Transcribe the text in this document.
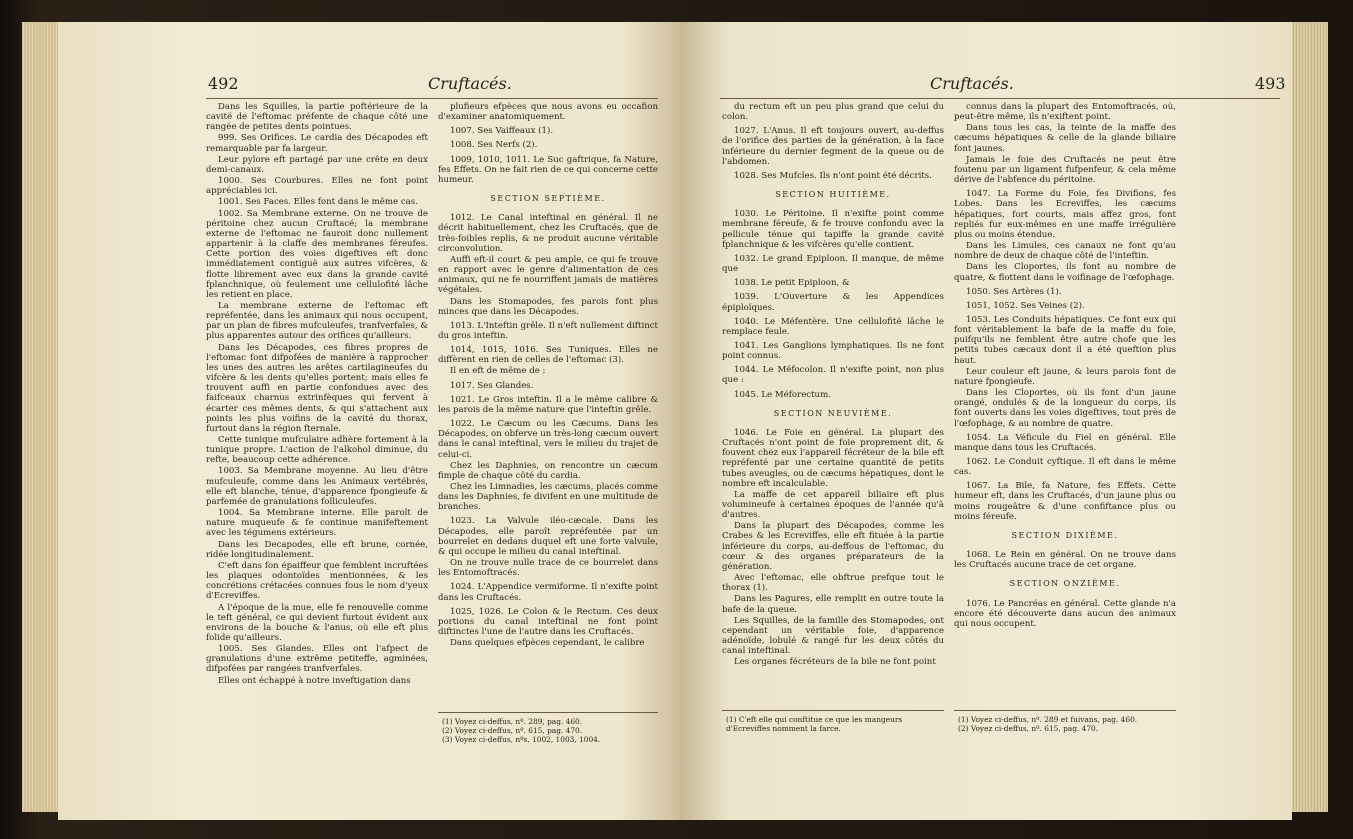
492	Cruftacés.

Dans les Squilles, la partie poftérieure de la cavité de l'eftomac préfente de chaque côté une rangée de petites dents pointues.

999. Ses Orifices. Le cardia des Décapodes eft remarquable par fa largeur.

Leur pylore eft partagé par une crête en deux demi-canaux.

1000. Ses Courbures. Elles ne font point appréciables ici.

1001. Ses Faces. Elles font dans le même cas.

1002. Sa Membrane externe. On ne trouve de péritoine chez aucun Cruftacé; la membrane externe de l'eftomac ne fauroit donc nullement appartenir à la claffe des membranes féreufes. Cette portion des voies digeftives eft donc immédiatement contiguë aux autres vifcères, & flotte librement avec eux dans la grande cavité fplanchnique, où feulement une cellulofité lâche les retient en place.

La membrane externe de l'eftomac eft repréfentée, dans les animaux qui nous occupent, par un plan de fibres mufculeufes, tranfverfales, & plus apparentes autour des orifices qu'ailleurs.

Dans les Décapodes, ces fibres propres de l'eftomac font difpofées de manière à rapprocher les unes des autres les arêtes cartilagineufes du vifcère & les dents qu'elles portent; mais elles fe trouvent auffi en partie confondues avec des faifceaux charnus extrinfèques qui fervent à écarter ces mêmes dents, & qui s'attachent aux points les plus voifins de la cavité du thorax, furtout dans la région fternale.

Cette tunique mufculaire adhère fortement à la tunique propre. L'action de l'alkohol diminue, du refte, beaucoup cette adhérence.

1003. Sa Membrane moyenne. Au lieu d'être mufculeufe, comme dans les Animaux vertébrés, elle eft blanche, ténue, d'apparence fpongieufe & parfemée de granulations folliculeufes.

1004. Sa Membrane interne. Elle paroît de nature muqueufe & fe continue manifeftement avec les tégumens extérieurs.

Dans les Decapodes, elle eft brune, cornée, ridée longitudinalement.

C'eft dans fon épaiffeur que femblent incruftées les plaques odontoïdes mentionnées, & les concrétions crétacées connues fous le nom d'yeux d'Ecreviffes.

A l'époque de la mue, elle fe renouvelle comme le teft général, ce qui devient furtout évident aux environs de la bouche & l'anus, où elle eft plus folide qu'ailleurs.

1005. Ses Glandes. Elles ont l'afpect de granulations d'une extrême petiteffe, agminées, difpofées par rangées tranfverfales.

Elles ont échappé à notre inveftigation dans

plufieurs efpèces que nous avons eu occafion d'examiner anatomiquement.

1007. Ses Vaiffeaux (1).

1008. Ses Nerfs (2).

1009, 1010, 1011. Le Suc gaftrique, fa Nature, fes Effets. On ne fait rien de ce qui concerne cette humeur.

SECTION SEPTIÈME.

1012. Le Canal inteftinal en général. Il ne décrit habituellement, chez les Cruftacés, que de très-foibles replis, & ne produit aucune véritable circonvolution.

Auffi eft-il court & peu ample, ce qui fe trouve en rapport avec le genre d'alimentation de ces animaux, qui ne fe nourriffent jamais de matières végétales.

Dans les Stomapodes, fes parois font plus minces que dans les Décapodes.

1013. L'Inteftin grêle. Il n'eft nullement diftinct du gros inteftin.

1014, 1015, 1016. Ses Tuniques. Elles ne diffèrent en rien de celles de l'eftomac (3).

Il en eft de même de :

1017. Ses Glandes.

1021. Le Gros inteftin. Il a le même calibre & les parois de la même nature que l'inteftin grêle.

1022. Le Cæcum ou les Cæcums. Dans les Décapodes, on obferve un très-long cæcum ouvert dans le canal inteftinal, vers le milieu du trajet de celui-ci.

Chez les Daphnies, on rencontre un cæcum fimple de chaque côté du cardia.

Chez les Limnadies, les cæcums, placés comme dans les Daphnies, fe divifent en une multitude de branches.

1023. La Valvule iléo-cæcale. Dans les Décapodes, elle paroît repréfentée par un bourrelet en dedans duquel eft une forte valvule, & qui occupe le milieu du canal inteftinal.

On ne trouve nulle trace de ce bourrelet dans les Entomoftracés.

1024. L'Appendice vermiforme. Il n'exifte point dans les Cruftacés.

1025, 1026. Le Colon & le Rectum. Ces deux portions du canal inteftinal ne font point diftinctes l'une de l'autre dans les Cruftacés.

Dans quelques efpèces cependant, le calibre

(1) Voyez ci-deffus, nº. 289, pag. 460.

(2) Voyez ci-deffus, nº. 615, pag. 470.

(3) Voyez ci-deffus, nºs. 1002, 1003, 1004.

Cruftacés.	493

du rectum eft un peu plus grand que celui du colon.

1027. L'Anus. Il eft toujours ouvert, au-deffus de l'orifice des parties de la génération, à la face inférieure du dernier fegment de la queue ou de l'abdomen.

1028. Ses Mufcles. Ils n'ont point été décrits.

SECTION HUITIÈME.

1030. Le Péritoine. Il n'exifte point comme membrane féreufe, & fe trouve confondu avec la pellicule ténue qui tapiffe la grande cavité fplanchnique & les vifcères qu'elle contient.

1032. Le grand Epiploon. Il manque, de même que

1038. Le petit Epiploon, &

1039. L'Ouverture & les Appendices épiploïques.

1040. Le Méfentère. Une cellulofité lâche le remplace feule.

1041. Les Ganglions lymphatiques. Ils ne font point connus.

1044. Le Méfocolon. Il n'exifte point, non plus que :

1045. Le Méforectum.

SECTION NEUVIÈME.

1046. Le Foie en général. La plupart des Cruftacés n'ont point de foie proprement dit, & fouvent chez eux l'appareil fécréteur de la bile eft repréfenté par une certaine quantité de petits tubes aveugles, ou de cæcums hépatiques, dont le nombre eft incalculable.

La maffe de cet appareil biliaire eft plus volumineufe à certaines époques de l'année qu'à d'autres.

Dans la plupart des Décapodes, comme les Crabes & les Ecreviffes, elle eft fituée à la partie inférieure du corps, au-deffous de l'eftomac, du cœur & des organes préparateurs de la génération.

Avec l'eftomac, elle obftrue prefque tout le thorax (1).

Dans les Pagures, elle remplit en outre toute la bafe de la queue.

Les Squilles, de la famille des Stomapodes, ont cependant un véritable foie, d'apparence adénoïde, lobulé & rangé fur les deux côtés du canal inteftinal.

Les organes fécréteurs de la bile ne font point

connus dans la plupart des Entomoftracés, où, peut-être même, ils n'exiftent point.

Dans tous les cas, la teinte de la maffe des cæcums hépatiques & celle de la glande biliaire font jaunes.

Jamais le foie des Cruftacés ne peut être foutenu par un ligament fufpenfeur, & cela même dérive de l'abfence du péritoine.

1047. La Forme du Foie, fes Divifions, fes Lobes. Dans les Ecreviffes, les cæcums hépatiques, fort courts, mais affez gros, font repliés fur eux-mêmes en une maffe irrégulière plus ou moins étendue.

Dans les Limules, ces canaux ne font qu'au nombre de deux de chaque côté de l'inteftin.

Dans les Cloportes, ils font au nombre de quatre, & flottent dans le voifinage de l'œfophage.

1050. Ses Artères (1).

1051, 1052. Ses Veines (2).

1053. Les Conduits hépatiques. Ce font eux qui font véritablement la bafe de la maffe du foie, puifqu'ils ne femblent être autre chofe que les petits tubes cæcaux dont il a été queftion plus haut.

Leur couleur eft jaune, & leurs parois font de nature fpongieufe.

Dans les Cloportes, où ils font d'un jaune orangé, ondulés & de la longueur du corps, ils font ouverts dans les voies digeftives, tout près de l'œfophage, & au nombre de quatre.

1054. La Véficule du Fiel en général. Elle manque dans tous les Cruftacés.

1062. Le Conduit cyftique. Il eft dans le même cas.

1067. La Bile, fa Nature, fes Effets. Cette humeur eft, dans les Cruftacés, d'un jaune plus ou moins rougeâtre & d'une confiftance plus ou moins féreufe.

SECTION DIXIÈME.

1068. Le Rein en général. On ne trouve dans les Cruftacés aucune trace de cet organe.

SECTION ONZIÈME.

1076. Le Pancréas en général. Cette glande n'a encore été découverte dans aucun des animaux qui nous occupent.

(1) C'eft elle qui conftitue ce que les mangeurs d'Ecreviffes nomment la farce.

(1) Voyez ci-deffus, nº. 289 et fuivans, pag. 460.

(2) Voyez ci-deffus, nº. 615, pag. 470.
